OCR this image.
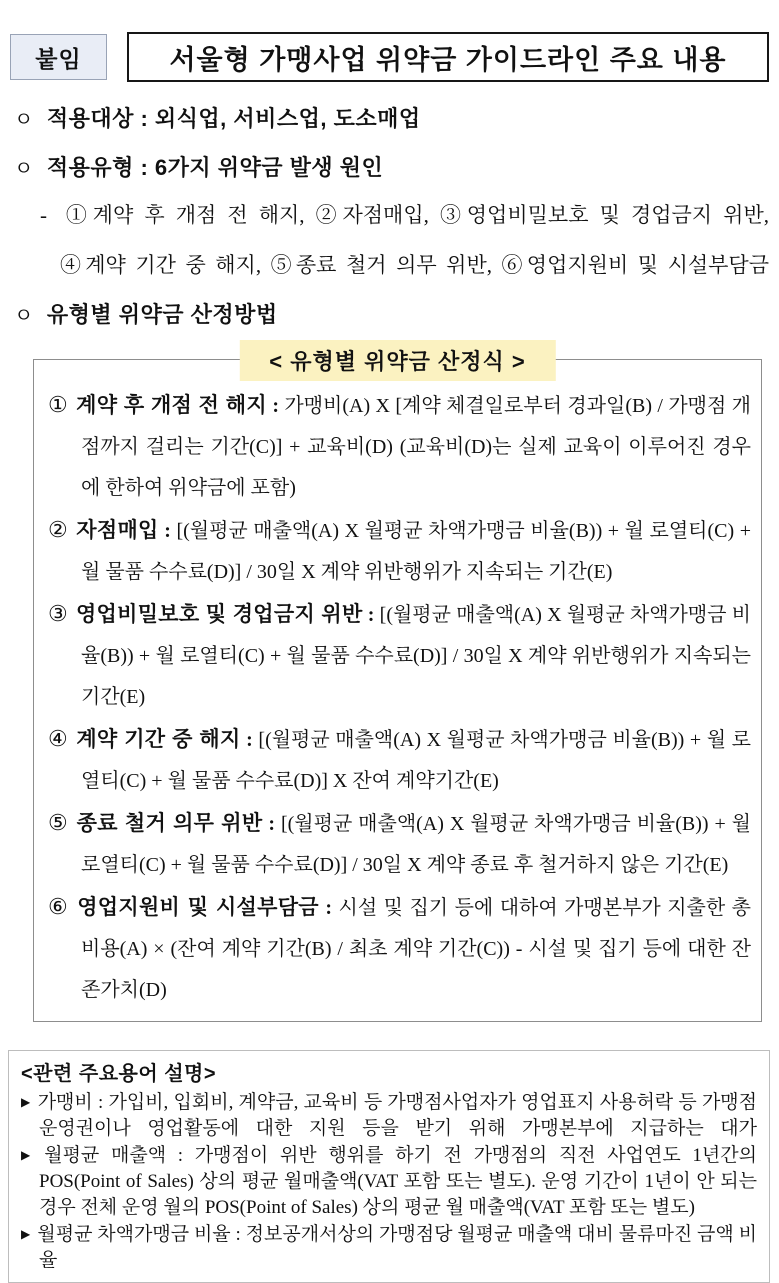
붙임	서울형 가맹사업 위약금 가이드라인 주요 내용
ㅇ 적용대상 : 외식업, 서비스업, 도소매업
ㅇ 적용유형 : 6가지 위약금 발생 원인
- ①계약 후 개점 전 해지, ②자점매입, ③영업비밀보호 및 경업금지 위반,
④계약 기간 중 해지, ⑤종료 철거 의무 위반, ⑥영업지원비 및 시설부담금
ㅇ 유형별 위약금 산정방법
< 유형별 위약금 산정식 >

① 계약 후 개점 전 해지 : 가맹비(A) X [계약 체결일로부터 경과일(B) / 가맹점 개점까지 걸리는 기간(C)] + 교육비(D) (교육비(D)는 실제 교육이 이루어진 경우에 한하여 위약금에 포함)

② 자점매입 : [(월평균 매출액(A) X 월평균 차액가맹금 비율(B)) + 월 로열티(C) + 월 물품 수수료(D)] / 30일 X 계약 위반행위가 지속되는 기간(E)

③ 영업비밀보호 및 경업금지 위반 : [(월평균 매출액(A) X 월평균 차액가맹금 비율(B)) + 월 로열티(C) + 월 물품 수수료(D)] / 30일 X 계약 위반행위가 지속되는 기간(E)

④ 계약 기간 중 해지 : [(월평균 매출액(A) X 월평균 차액가맹금 비율(B)) + 월 로열티(C) + 월 물품 수수료(D)] X 잔여 계약기간(E)

⑤ 종료 철거 의무 위반 : [(월평균 매출액(A) X 월평균 차액가맹금 비율(B)) + 월 로열티(C) + 월 물품 수수료(D)] / 30일 X 계약 종료 후 철거하지 않은 기간(E)

⑥ 영업지원비 및 시설부담금 : 시설 및 집기 등에 대하여 가맹본부가 지출한 총 비용(A) × (잔여 계약 기간(B) / 최초 계약 기간(C)) - 시설 및 집기 등에 대한 잔존가치(D)

<관련 주요용어 설명>

▶ 가맹비 : 가입비, 입회비, 계약금, 교육비 등 가맹점사업자가 영업표지 사용허락 등 가맹점운영권이나 영업활동에 대한 지원 등을 받기 위해 가맹본부에 지급하는 대가

▶ 월평균 매출액 : 가맹점이 위반 행위를 하기 전 가맹점의 직전 사업연도 1년간의 POS(Point of Sales) 상의 평균 월매출액(VAT 포함 또는 별도). 운영 기간이 1년이 안 되는 경우 전체 운영 월의 POS(Point of Sales) 상의 평균 월 매출액(VAT 포함 또는 별도)

▶ 월평균 차액가맹금 비율 : 정보공개서상의 가맹점당 월평균 매출액 대비 물류마진 금액 비율
